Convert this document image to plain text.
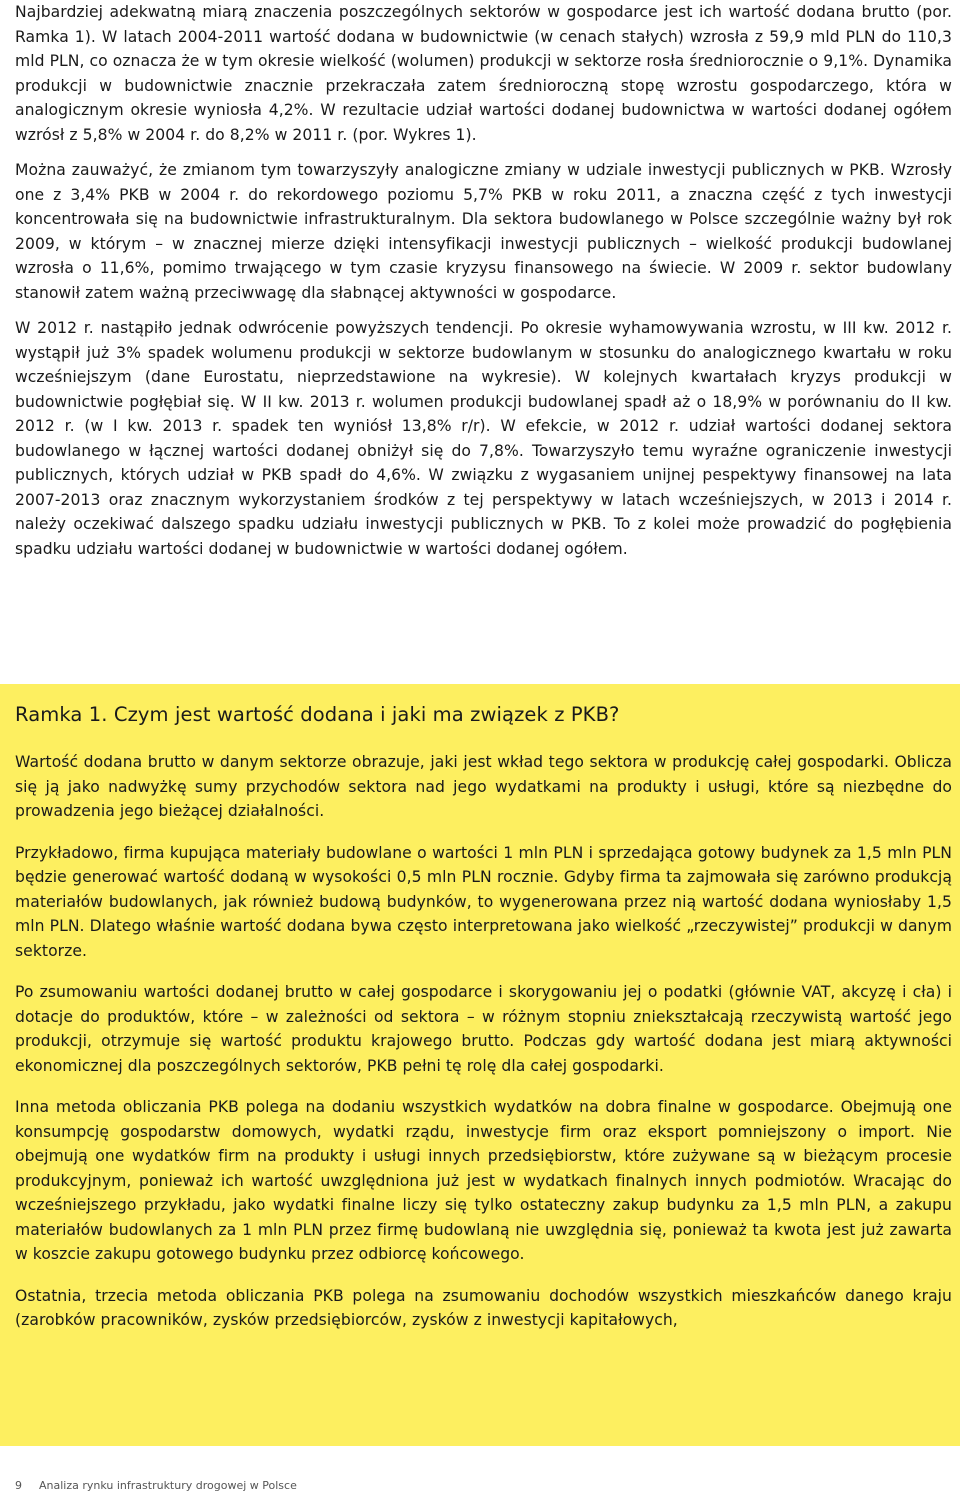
Najbardziej adekwatną miarą znaczenia poszczególnych sektorów w gospodarce jest ich wartość dodana brutto (por. Ramka 1). W latach 2004-2011 wartość dodana w budownictwie (w cenach stałych) wzrosła z 59,9 mld PLN do 110,3 mld PLN, co oznacza że w tym okresie wielkość (wolumen) produkcji w sektorze rosła średniorocznie o 9,1%. Dynamika produkcji w budownictwie znacznie przekraczała zatem średnioroczną stopę wzrostu gospodarczego, która w analogicznym okresie wyniosła 4,2%. W rezultacie udział wartości dodanej budownictwa w wartości dodanej ogółem wzrósł z 5,8% w 2004 r. do 8,2% w 2011 r. (por. Wykres 1).

Można zauważyć, że zmianom tym towarzyszyły analogiczne zmiany w udziale inwestycji publicznych w PKB. Wzrosły one z 3,4% PKB w 2004 r. do rekordowego poziomu 5,7% PKB w roku 2011, a znaczna część z tych inwestycji koncentrowała się na budownictwie infrastrukturalnym. Dla sektora budowlanego w Polsce szczególnie ważny był rok 2009, w którym – w znacznej mierze dzięki intensyfikacji inwestycji publicznych – wielkość produkcji budowlanej wzrosła o 11,6%, pomimo trwającego w tym czasie kryzysu finansowego na świecie. W 2009 r. sektor budowlany stanowił zatem ważną przeciwwagę dla słabnącej aktywności w gospodarce.

W 2012 r. nastąpiło jednak odwrócenie powyższych tendencji. Po okresie wyhamowywania wzrostu, w III kw. 2012 r. wystąpił już 3% spadek wolumenu produkcji w sektorze budowlanym w stosunku do analogicznego kwartału w roku wcześniejszym (dane Eurostatu, nieprzedstawione na wykresie). W kolejnych kwartałach kryzys produkcji w budownictwie pogłębiał się. W II kw. 2013 r. wolumen produkcji budowlanej spadł aż o 18,9% w porównaniu do II kw. 2012 r. (w I kw. 2013 r. spadek ten wyniósł 13,8% r/r). W efekcie, w 2012 r. udział wartości dodanej sektora budowlanego w łącznej wartości dodanej obniżył się do 7,8%. Towarzyszyło temu wyraźne ograniczenie inwestycji publicznych, których udział w PKB spadł do 4,6%. W związku z wygasaniem unijnej pespektywy finansowej na lata 2007-2013 oraz znacznym wykorzystaniem środków z tej perspektywy w latach wcześniejszych, w 2013 i 2014 r. należy oczekiwać dalszego spadku udziału inwestycji publicznych w PKB. To z kolei może prowadzić do pogłębienia spadku udziału wartości dodanej w budownictwie w wartości dodanej ogółem.

Ramka 1. Czym jest wartość dodana i jaki ma związek z PKB?

Wartość dodana brutto w danym sektorze obrazuje, jaki jest wkład tego sektora w produkcję całej gospodarki. Oblicza się ją jako nadwyżkę sumy przychodów sektora nad jego wydatkami na produkty i usługi, które są niezbędne do prowadzenia jego bieżącej działalności.

Przykładowo, firma kupująca materiały budowlane o wartości 1 mln PLN i sprzedająca gotowy budynek za 1,5 mln PLN będzie generować wartość dodaną w wysokości 0,5 mln PLN rocznie. Gdyby firma ta zajmowała się zarówno produkcją materiałów budowlanych, jak również budową budynków, to wygenerowana przez nią wartość dodana wyniosłaby 1,5 mln PLN. Dlatego właśnie wartość dodana bywa często interpretowana jako wielkość „rzeczywistej” produkcji w danym sektorze.

Po zsumowaniu wartości dodanej brutto w całej gospodarce i skorygowaniu jej o podatki (głównie VAT, akcyzę i cła) i dotacje do produktów, które – w zależności od sektora – w różnym stopniu zniekształcają rzeczywistą wartość jego produkcji, otrzymuje się wartość produktu krajowego brutto. Podczas gdy wartość dodana jest miarą aktywności ekonomicznej dla poszczególnych sektorów, PKB pełni tę rolę dla całej gospodarki.

Inna metoda obliczania PKB polega na dodaniu wszystkich wydatków na dobra finalne w gospodarce. Obejmują one konsumpcję gospodarstw domowych, wydatki rządu, inwestycje firm oraz eksport pomniejszony o import. Nie obejmują one wydatków firm na produkty i usługi innych przedsiębiorstw, które zużywane są w bieżącym procesie produkcyjnym, ponieważ ich wartość uwzględniona już jest w wydatkach finalnych innych podmiotów. Wracając do wcześniejszego przykładu, jako wydatki finalne liczy się tylko ostateczny zakup budynku za 1,5 mln PLN, a zakupu materiałów budowlanych za 1 mln PLN przez firmę budowlaną nie uwzględnia się, ponieważ ta kwota jest już zawarta w koszcie zakupu gotowego budynku przez odbiorcę końcowego.

Ostatnia, trzecia metoda obliczania PKB polega na zsumowaniu dochodów wszystkich mieszkańców danego kraju (zarobków pracowników, zysków przedsiębiorców, zysków z inwestycji kapitałowych,

9 Analiza rynku infrastruktury drogowej w Polsce
